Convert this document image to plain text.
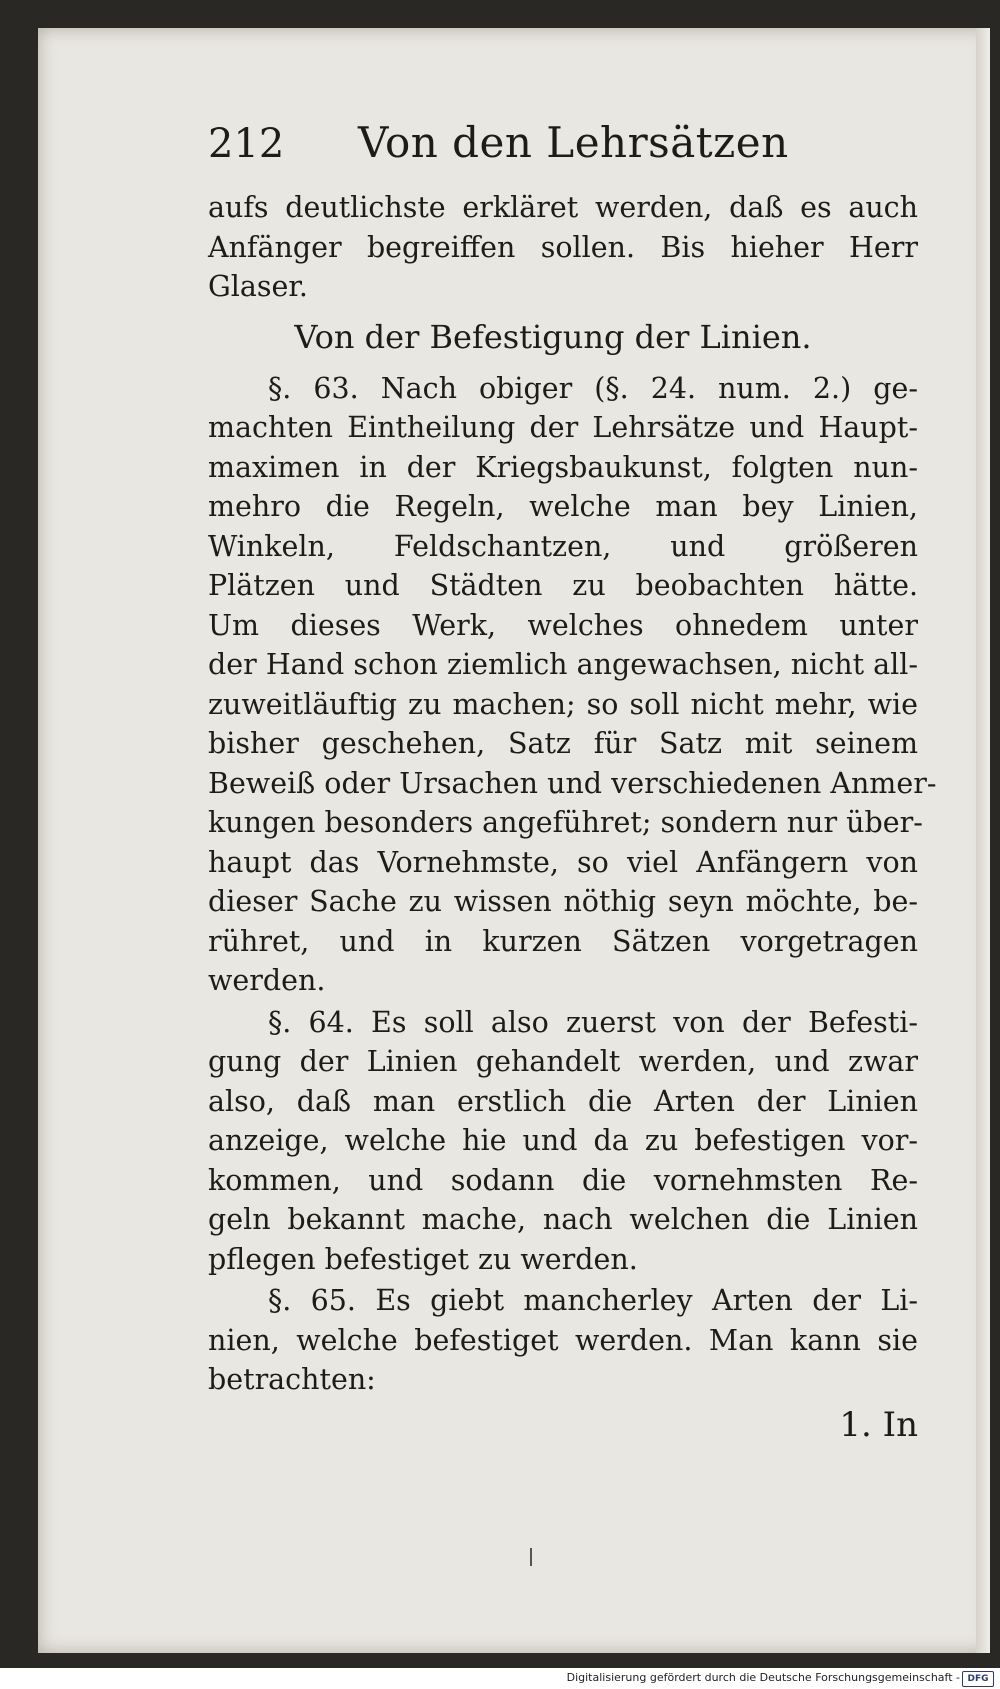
212	Von den Lehrsätzen

aufs deutlichste erkläret werden, daß es auch
Anfänger begreiffen sollen. Bis hieher Herr
Glaser.

Von der Befestigung der Linien.

§. 63. Nach obiger (§. 24. num. 2.) ge-
machten Eintheilung der Lehrsätze und Haupt-
maximen in der Kriegsbaukunst, folgten nun-
mehro die Regeln, welche man bey Linien,
Winkeln, Feldschantzen, und größeren
Plätzen und Städten zu beobachten hätte.
Um dieses Werk, welches ohnedem unter
der Hand schon ziemlich angewachsen, nicht all-
zuweitläuftig zu machen; so soll nicht mehr, wie
bisher geschehen, Satz für Satz mit seinem
Beweiß oder Ursachen und verschiedenen Anmer-
kungen besonders angeführet; sondern nur über-
haupt das Vornehmste, so viel Anfängern von
dieser Sache zu wissen nöthig seyn möchte, be-
rühret, und in kurzen Sätzen vorgetragen
werden.

§. 64. Es soll also zuerst von der Befesti-
gung der Linien gehandelt werden, und zwar
also, daß man erstlich die Arten der Linien
anzeige, welche hie und da zu befestigen vor-
kommen, und sodann die vornehmsten Re-
geln bekannt mache, nach welchen die Linien
pflegen befestiget zu werden.

§. 65. Es giebt mancherley Arten der Li-
nien, welche befestiget werden. Man kann sie
betrachten:

1. In
Digitalisierung gefördert durch die Deutsche Forschungsgemeinschaft - DFG
